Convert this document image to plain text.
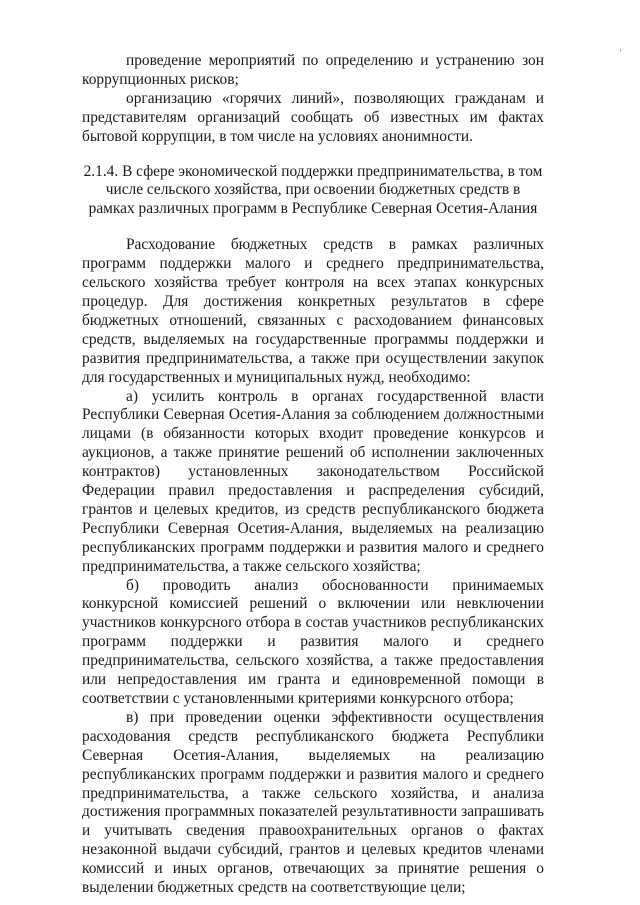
'

проведение мероприятий по определению и устранению зон коррупционных рисков;

организацию «горячих линий», позволяющих гражданам и представителям организаций сообщать об известных им фактах бытовой коррупции, в том числе на условиях анонимности.

2.1.4. В сфере экономической поддержки предпринимательства, в том числе сельского хозяйства, при освоении бюджетных средств в рамках различных программ в Республике Северная Осетия-Алания

Расходование бюджетных средств в рамках различных программ поддержки малого и среднего предпринимательства, сельского хозяйства требует контроля на всех этапах конкурсных процедур. Для достижения конкретных результатов в сфере бюджетных отношений, связанных с расходованием финансовых средств, выделяемых на государственные программы поддержки и развития предпринимательства, а также при осуществлении закупок для государственных и муниципальных нужд, необходимо:

а) усилить контроль в органах государственной власти Республики Северная Осетия-Алания за соблюдением должностными лицами (в обязанности которых входит проведение конкурсов и аукционов, а также принятие решений об исполнении заключенных контрактов) установленных законодательством Российской Федерации правил предоставления и распределения субсидий, грантов и целевых кредитов, из средств республиканского бюджета Республики Северная Осетия-Алания, выделяемых на реализацию республиканских программ поддержки и развития малого и среднего предпринимательства, а также сельского хозяйства;

б) проводить анализ обоснованности принимаемых конкурсной комиссией решений о включении или невключении участников конкурсного отбора в состав участников республиканских программ поддержки и развития малого и среднего предпринимательства, сельского хозяйства, а также предоставления или непредоставления им гранта и единовременной помощи в соответствии с установленными критериями конкурсного отбора;

в) при проведении оценки эффективности осуществления расходования средств республиканского бюджета Республики Северная Осетия-Алания, выделяемых на реализацию республиканских программ поддержки и развития малого и среднего предпринимательства, а также сельского хозяйства, и анализа достижения программных показателей результативности запрашивать и учитывать сведения правоохранительных органов о фактах незаконной выдачи субсидий, грантов и целевых кредитов членами комиссий и иных органов, отвечающих за принятие решения о выделении бюджетных средств на соответствующие цели;
